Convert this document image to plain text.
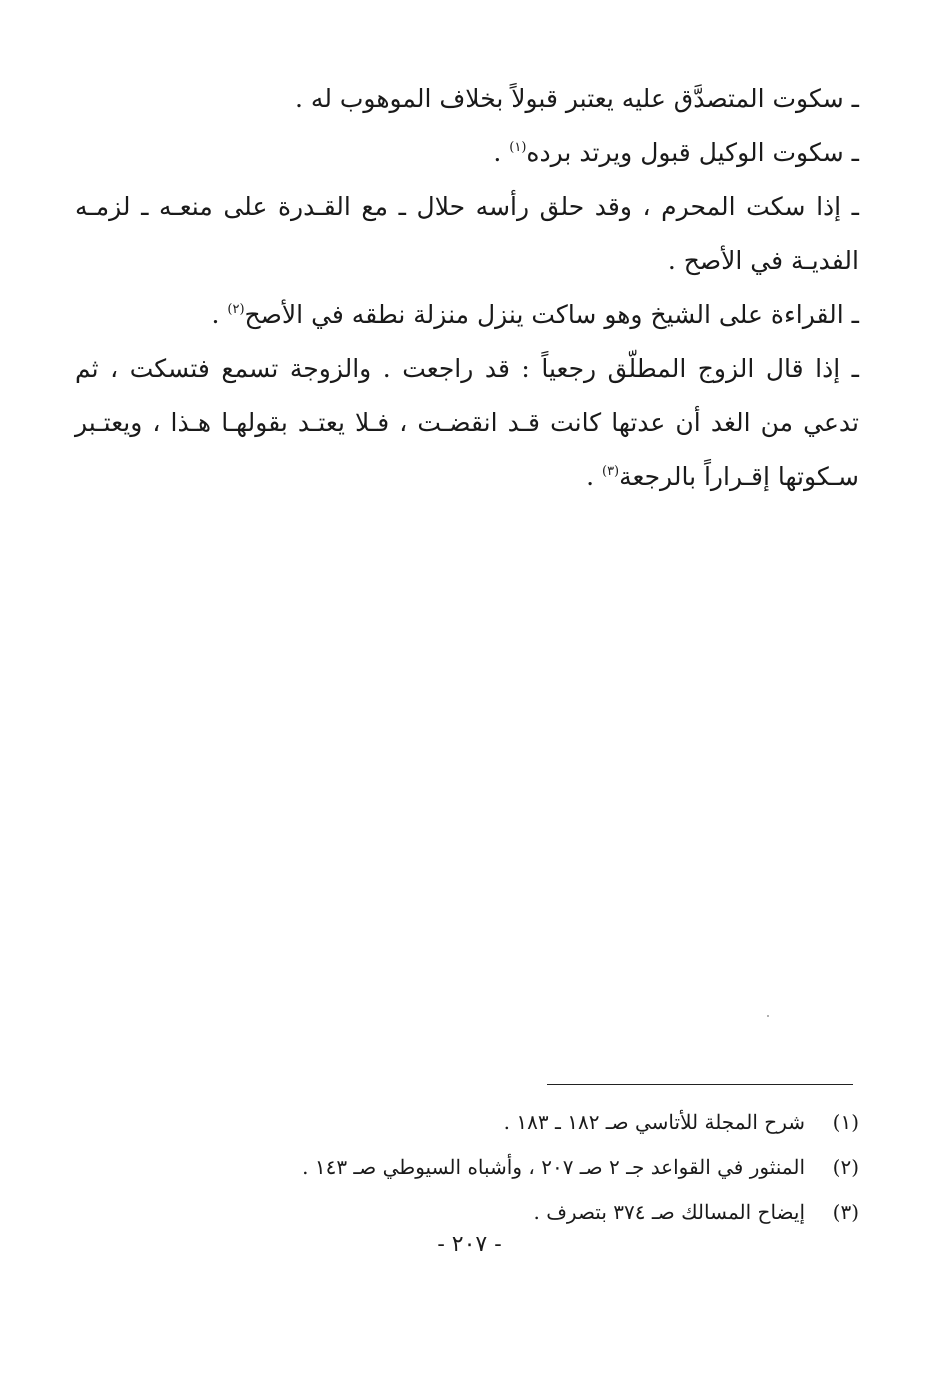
ـ سكوت المتصدَّق عليه يعتبر قبولاً بخلاف الموهوب له .

ـ سكوت الوكيل قبول ويرتد برده$^{(١)}$ .

ـ إذا سكت المحرم ، وقد حلق رأسه حلال ـ مع القـدرة على منعـه ـ لزمـه الفديـة في الأصح .

ـ القراءة على الشيخ وهو ساكت ينزل منزلة نطقه في الأصح$^{(٢)}$ .

ـ إذا قال الزوج المطلّق رجعياً : قد راجعت . والزوجة تسمع فتسكت ، ثم تدعي من الغد أن عدتها كانت قـد انقضـت ، فـلا يعتـد بقولهـا هـذا ، ويعتـبر سـكوتها إقـراراً بالرجعة$^{(٣)}$ .

(١)
شرح المجلة للأتاسي صـ ١٨٢ ـ ١٨٣ .
(٢)
المنثور في القواعد جـ ٢ صـ ٢٠٧ ، وأشباه السيوطي صـ ١٤٣ .
(٣)
إيضاح المسالك صـ ٣٧٤ بتصرف .
- ٢٠٧ -
